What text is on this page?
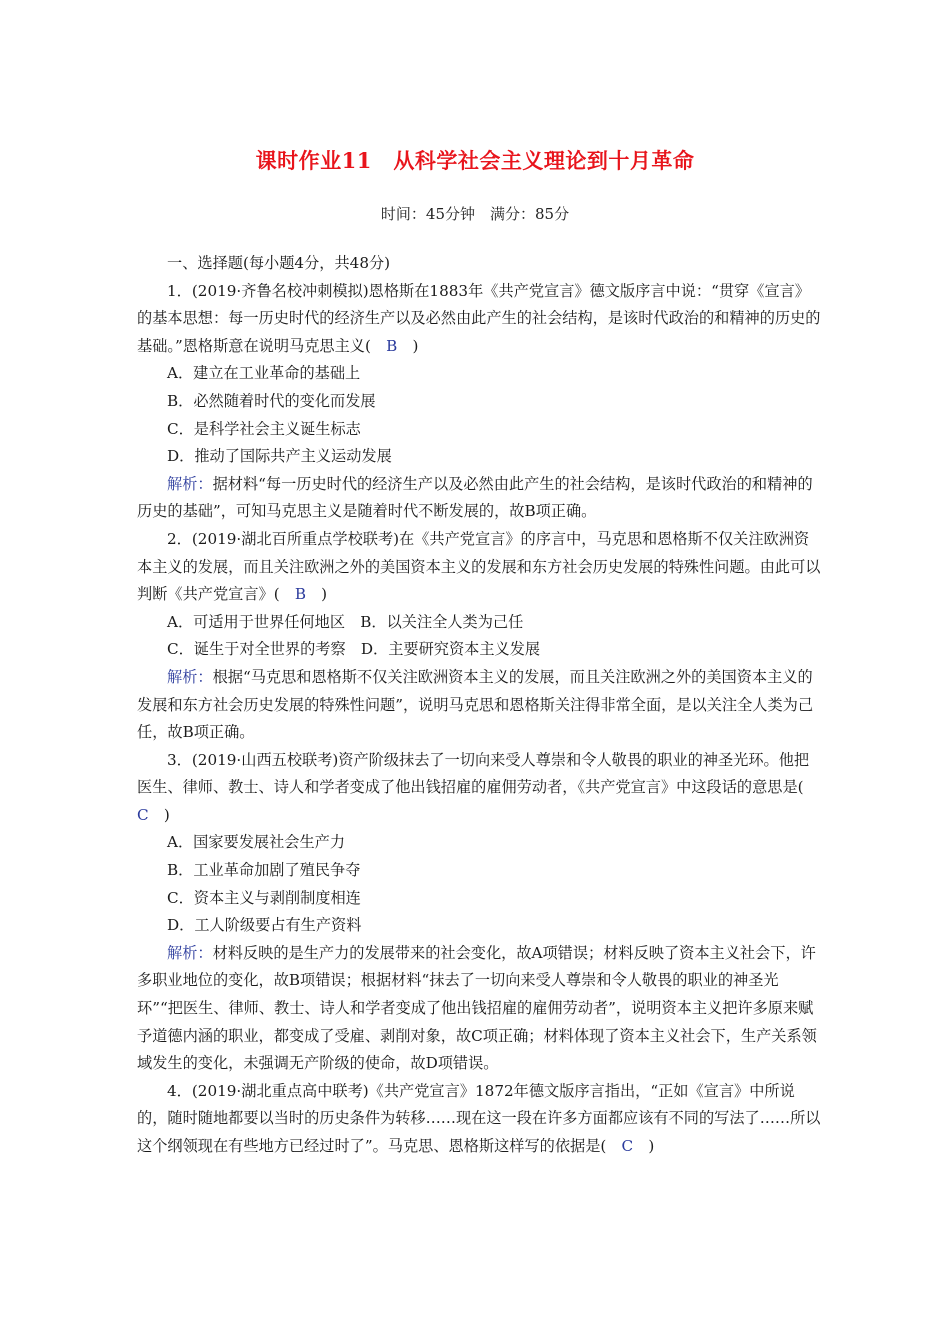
课时作业11　从科学社会主义理论到十月革命
时间：45分钟　满分：85分

一、选择题(每小题4分，共48分)

1．(2019·齐鲁名校冲刺模拟)恩格斯在1883年《共产党宣言》德文版序言中说：“贯穿《宣言》的基本思想：每一历史时代的经济生产以及必然由此产生的社会结构，是该时代政治的和精神的历史的基础。”恩格斯意在说明马克思主义(　 B　 )

A．建立在工业革命的基础上

B．必然随着时代的变化而发展

C．是科学社会主义诞生标志

D．推动了国际共产主义运动发展

解析：据材料“每一历史时代的经济生产以及必然由此产生的社会结构，是该时代政治的和精神的历史的基础”，可知马克思主义是随着时代不断发展的，故B项正确。

2．(2019·湖北百所重点学校联考)在《共产党宣言》的序言中，马克思和恩格斯不仅关注欧洲资本主义的发展，而且关注欧洲之外的美国资本主义的发展和东方社会历史发展的特殊性问题。由此可以判断《共产党宣言》(　 B　 )

A．可适用于世界任何地区　B．以关注全人类为己任

C．诞生于对全世界的考察　D．主要研究资本主义发展

解析：根据“马克思和恩格斯不仅关注欧洲资本主义的发展，而且关注欧洲之外的美国资本主义的发展和东方社会历史发展的特殊性问题”，说明马克思和恩格斯关注得非常全面，是以关注全人类为己任，故B项正确。

3．(2019·山西五校联考)资产阶级抹去了一切向来受人尊崇和令人敬畏的职业的神圣光环。他把医生、律师、教士、诗人和学者变成了他出钱招雇的雇佣劳动者，《共产党宣言》中这段话的意思是(　C　 )

A．国家要发展社会生产力

B．工业革命加剧了殖民争夺

C．资本主义与剥削制度相连

D．工人阶级要占有生产资料

解析：材料反映的是生产力的发展带来的社会变化，故A项错误；材料反映了资本主义社会下，许多职业地位的变化，故B项错误；根据材料“抹去了一切向来受人尊崇和令人敬畏的职业的神圣光环”“把医生、律师、教士、诗人和学者变成了他出钱招雇的雇佣劳动者”，说明资本主义把许多原来赋予道德内涵的职业，都变成了受雇、剥削对象，故C项正确；材料体现了资本主义社会下，生产关系领域发生的变化，未强调无产阶级的使命，故D项错误。

4．(2019·湖北重点高中联考)《共产党宣言》1872年德文版序言指出，“正如《宣言》中所说的，随时随地都要以当时的历史条件为转移……现在这一段在许多方面都应该有不同的写法了……所以这个纲领现在有些地方已经过时了”。马克思、恩格斯这样写的依据是(　 C　 )
